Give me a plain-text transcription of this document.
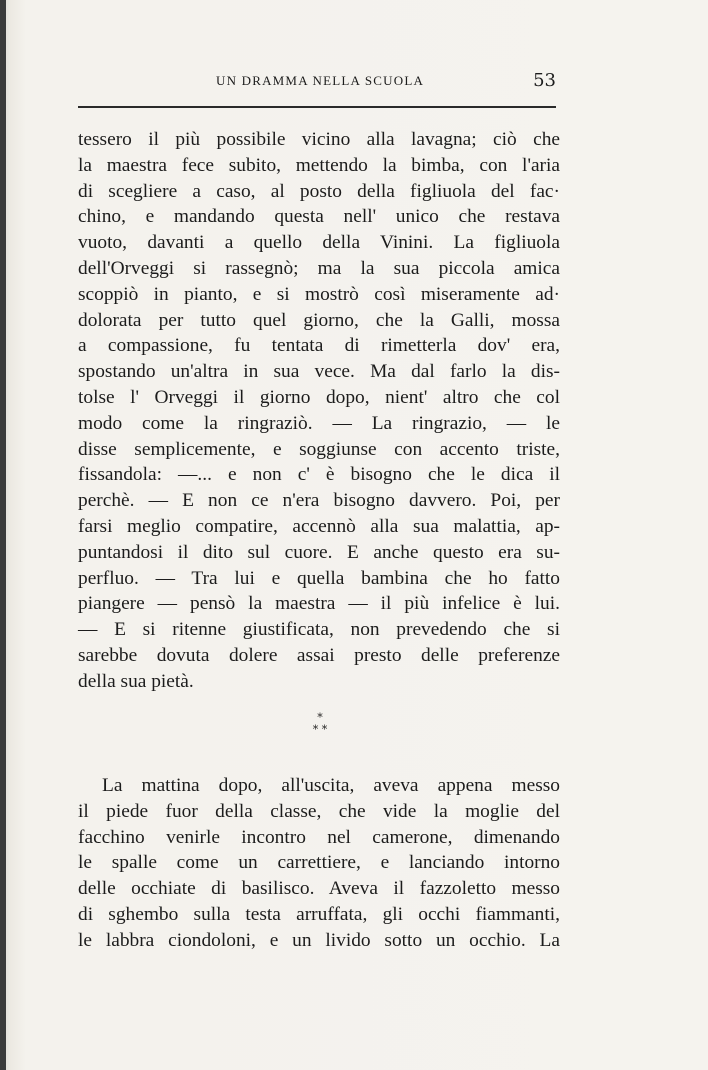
UN DRAMMA NELLA SCUOLA	53
tessero il più possibile vicino alla lavagna; ciò che
la maestra fece subito, mettendo la bimba, con l'aria
di scegliere a caso, al posto della figliuola del fac·
chino, e mandando questa nell' unico che restava
vuoto, davanti a quello della Vinini. La figliuola
dell'Orveggi si rassegnò; ma la sua piccola amica
scoppiò in pianto, e si mostrò così miseramente ad·
dolorata per tutto quel giorno, che la Galli, mossa
a compassione, fu tentata di rimetterla dov' era,
spostando un'altra in sua vece. Ma dal farlo la dis-
tolse l' Orveggi il giorno dopo, nient' altro che col
modo come la ringraziò. — La ringrazio, — le
disse semplicemente, e soggiunse con accento triste,
fissandola: —... e non c' è bisogno che le dica il
perchè. — E non ce n'era bisogno davvero. Poi, per
farsi meglio compatire, accennò alla sua malattia, ap-
puntandosi il dito sul cuore. E anche questo era su-
perfluo. — Tra lui e quella bambina che ho fatto
piangere — pensò la maestra — il più infelice è lui.
— E si ritenne giustificata, non prevedendo che si
sarebbe dovuta dolere assai presto delle preferenze
della sua pietà.
*
* *
La mattina dopo, all'uscita, aveva appena messo
il piede fuor della classe, che vide la moglie del
facchino venirle incontro nel camerone, dimenando
le spalle come un carrettiere, e lanciando intorno
delle occhiate di basilisco. Aveva il fazzoletto messo
di sghembo sulla testa arruffata, gli occhi fiammanti,
le labbra ciondoloni, e un livido sotto un occhio. La
